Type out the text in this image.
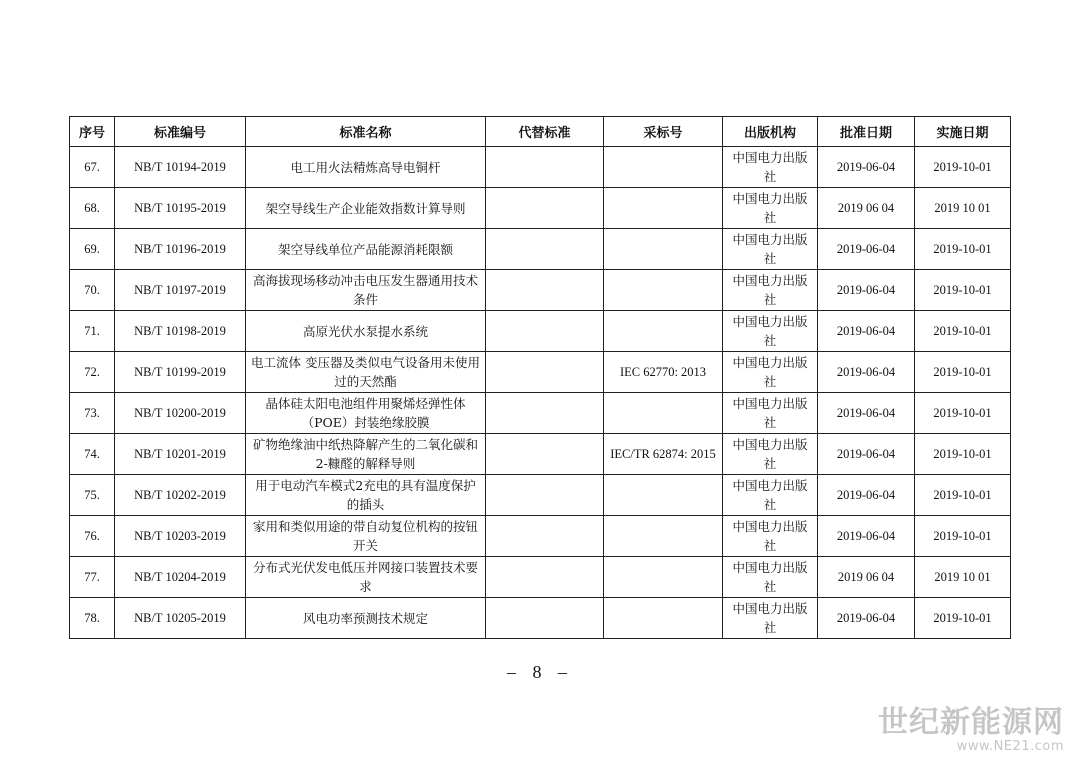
序号	标准编号	标准名称	代替标准	采标号	出版机构	批准日期	实施日期
67.	NB/T 10194-2019	电工用火法精炼高导电铜杆			中国电力出版社	2019-06-04	2019-10-01
68.	NB/T 10195-2019	架空导线生产企业能效指数计算导则			中国电力出版社	2019 06 04	2019 10 01
69.	NB/T 10196-2019	架空导线单位产品能源消耗限额			中国电力出版社	2019-06-04	2019-10-01
70.	NB/T 10197-2019	高海拔现场移动冲击电压发生器通用技术条件			中国电力出版社	2019-06-04	2019-10-01
71.	NB/T 10198-2019	高原光伏水泵提水系统			中国电力出版社	2019-06-04	2019-10-01
72.	NB/T 10199-2019	电工流体 变压器及类似电气设备用未使用过的天然酯		IEC 62770: 2013	中国电力出版社	2019-06-04	2019-10-01
73.	NB/T 10200-2019	晶体硅太阳电池组件用聚烯烃弹性体（POE）封装绝缘胶膜			中国电力出版社	2019-06-04	2019-10-01
74.	NB/T 10201-2019	矿物绝缘油中纸热降解产生的二氧化碳和2-糠醛的解释导则		IEC/TR 62874: 2015	中国电力出版社	2019-06-04	2019-10-01
75.	NB/T 10202-2019	用于电动汽车模式2充电的具有温度保护的插头			中国电力出版社	2019-06-04	2019-10-01
76.	NB/T 10203-2019	家用和类似用途的带自动复位机构的按钮开关			中国电力出版社	2019-06-04	2019-10-01
77.	NB/T 10204-2019	分布式光伏发电低压并网接口装置技术要求			中国电力出版社	2019 06 04	2019 10 01
78.	NB/T 10205-2019	风电功率预测技术规定			中国电力出版社	2019-06-04	2019-10-01
– 8 –
世纪新能源网
www.NE21.com
